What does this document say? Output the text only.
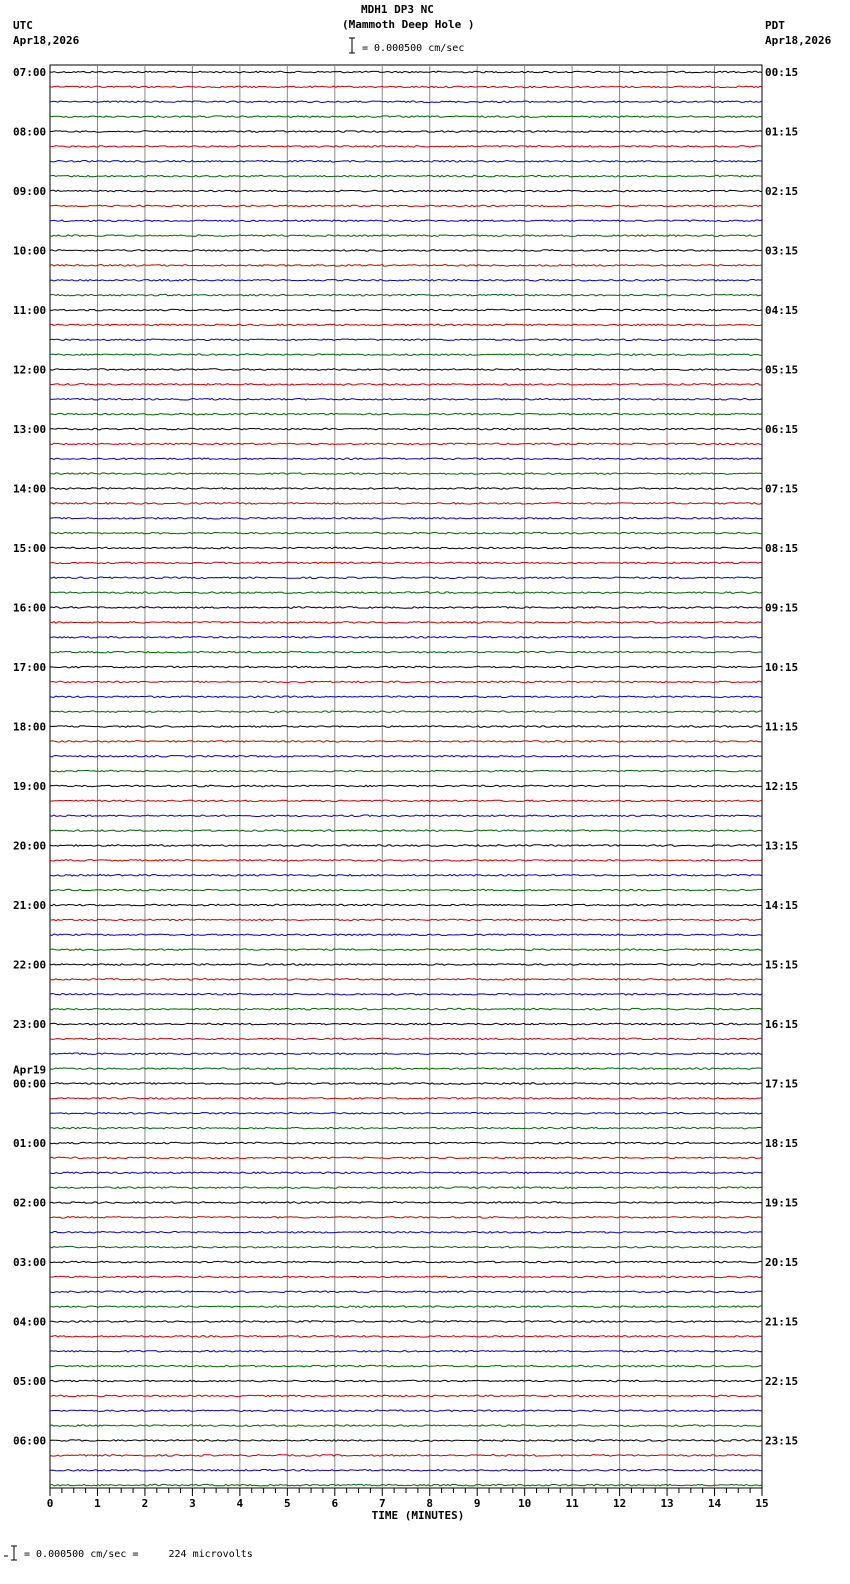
MDH1 DP3 NC
(Mammoth Deep Hole )
UTC
Apr18,2026
PDT
Apr18,2026
= 0.000500 cm/sec
= 0.000500 cm/sec =     224 microvolts
07:00	00:15
08:00	01:15
09:00	02:15
10:00	03:15
11:00	04:15
12:00	05:15
13:00	06:15
14:00	07:15
15:00	08:15
16:00	09:15
17:00	10:15
18:00	11:15
19:00	12:15
20:00	13:15
21:00	14:15
22:00	15:15
23:00	16:15
00:00	17:15
01:00	18:15
02:00	19:15
03:00	20:15
04:00	21:15
05:00	22:15
06:00	23:15
Apr19
0	1	2	3	4	5	6	7	8	9	10	11	12	13	14	15
TIME (MINUTES)
